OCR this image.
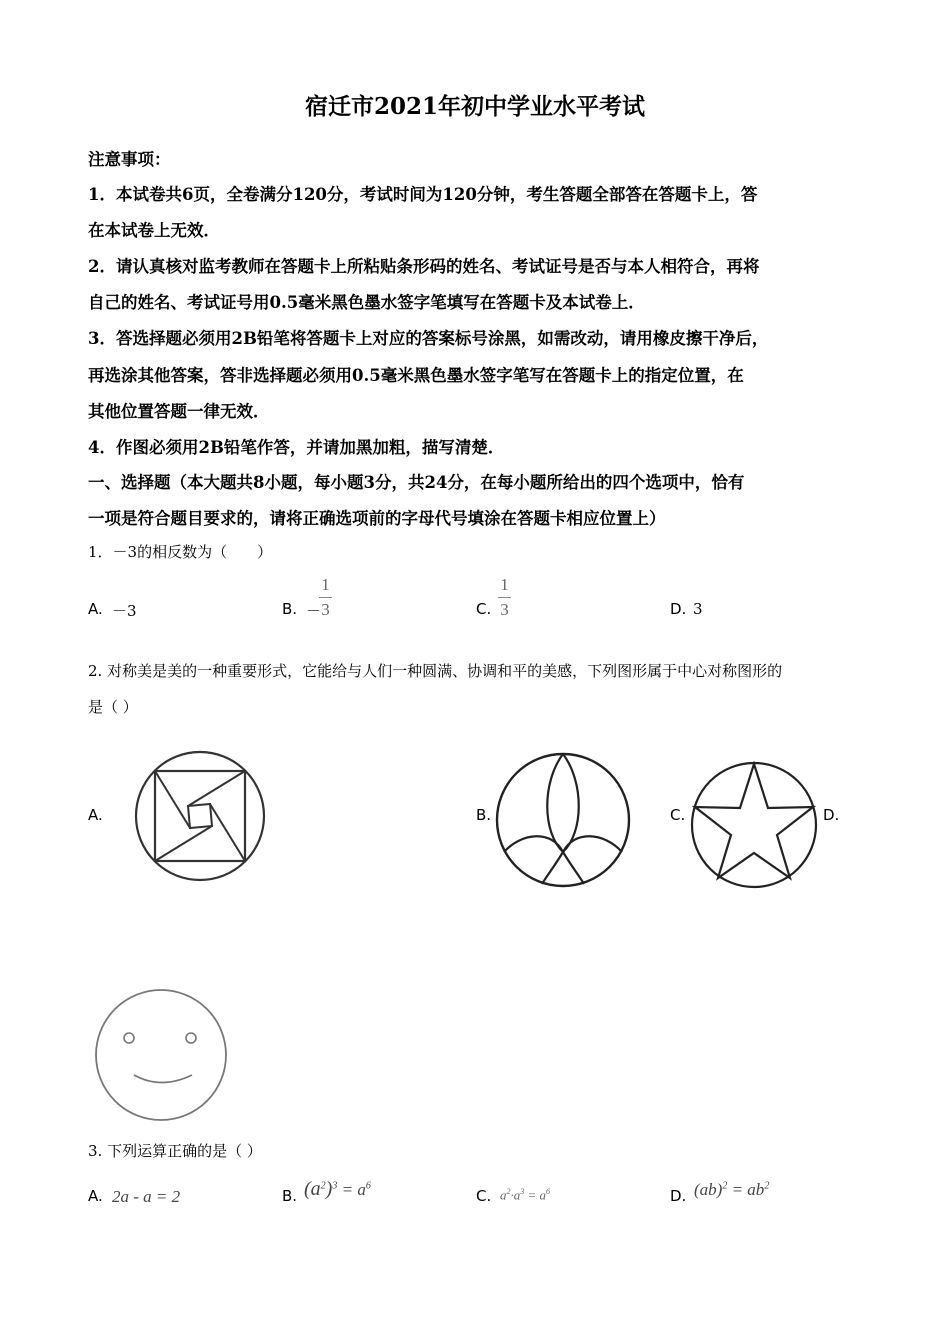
宿迁市2021年初中学业水平考试
注意事项：
1．本试卷共6页，全卷满分120分，考试时间为120分钟，考生答题全部答在答题卡上，答
在本试卷上无效．
2．请认真核对监考教师在答题卡上所粘贴条形码的姓名、考试证号是否与本人相符合，再将
自己的姓名、考试证号用0.5毫米黑色墨水签字笔填写在答题卡及本试卷上．
3．答选择题必须用2B铅笔将答题卡上对应的答案标号涂黑，如需改动，请用橡皮擦干净后，
再选涂其他答案，答非选择题必须用0.5毫米黑色墨水签字笔写在答题卡上的指定位置，在
其他位置答题一律无效．
4．作图必须用2B铅笔作答，并请加黑加粗，描写清楚．
一、选择题（本大题共8小题，每小题3分，共24分，在每小题所给出的四个选项中，恰有
一项是符合题目要求的，请将正确选项前的字母代号填涂在答题卡相应位置上）
1．－3的相反数为（　　）
A. －3	B. －
1
3	C.
1
3	D. 3
2. 对称美是美的一种重要形式，它能给与人们一种圆满、协调和平的美感，下列图形属于中心对称图形的
是（ ）
A.	B.	C.	D.
3. 下列运算正确的是（ ）
A. 2a - a = 2	B. $(a^2)^3 = a^6$
C. $a^2\cdot a^3 = a^6$	D. $(ab)^2 = ab^2$
